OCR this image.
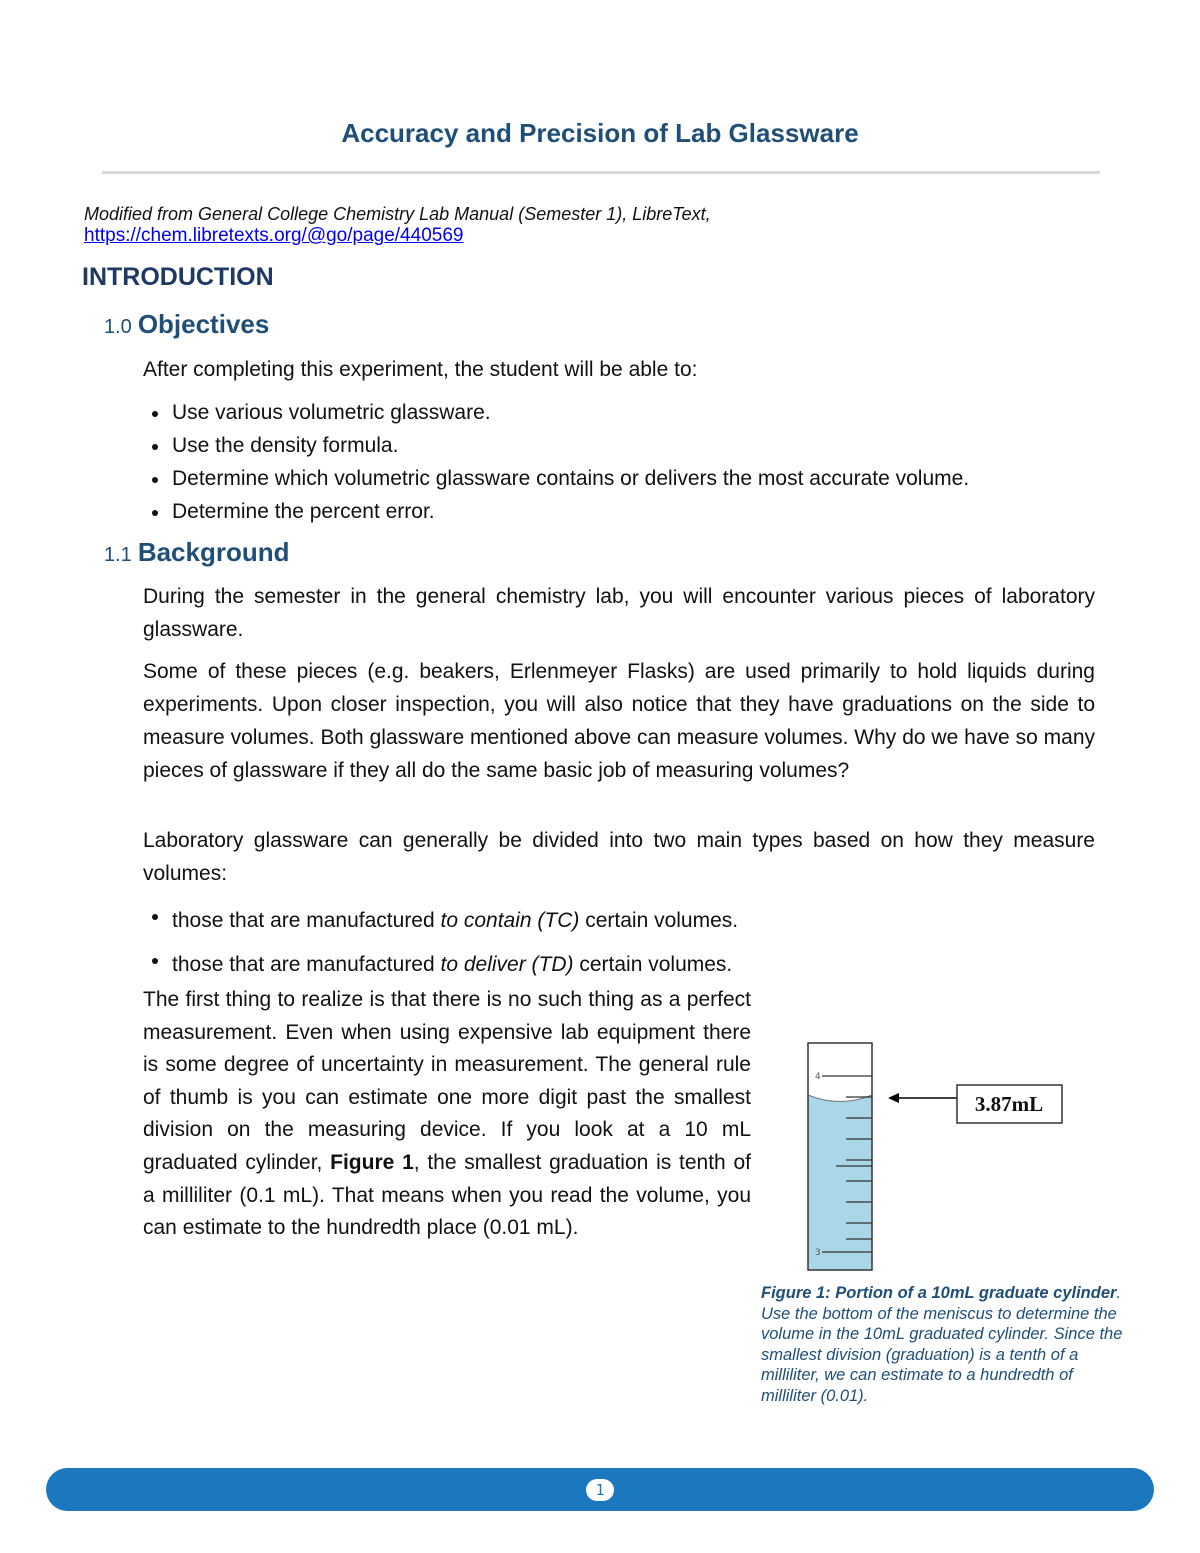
Accuracy and Precision of Lab Glassware
Modified from General College Chemistry Lab Manual (Semester 1), LibreText,
https://chem.libretexts.org/@go/page/440569
INTRODUCTION
1.0 Objectives

After completing this experiment, the student will be able to:

Use various volumetric glassware.
Use the density formula.
Determine which volumetric glassware contains or delivers the most accurate volume.
Determine the percent error.
1.1 Background

During the semester in the general chemistry lab, you will encounter various pieces of laboratory glassware.

Some of these pieces (e.g. beakers, Erlenmeyer Flasks) are used primarily to hold liquids during experiments. Upon closer inspection, you will also notice that they have graduations on the side to measure volumes. Both glassware mentioned above can measure volumes. Why do we have so many pieces of glassware if they all do the same basic job of measuring volumes?

Laboratory glassware can generally be divided into two main types based on how they measure volumes:

those that are manufactured to contain (TC) certain volumes.
those that are manufactured to deliver (TD) certain volumes.

The first thing to realize is that there is no such thing as a perfect measurement. Even when using expensive lab equipment there is some degree of uncertainty in measurement. The general rule of thumb is you can estimate one more digit past the smallest division on the measuring device. If you look at a 10 mL graduated cylinder, Figure 1, the smallest graduation is tenth of a milliliter (0.1 mL). That means when you read the volume, you can estimate to the hundredth place (0.01 mL).

4
3
3.87mL

Figure 1: Portion of a 10mL graduate cylinder. Use the bottom of the meniscus to determine the volume in the 10mL graduated cylinder. Since the smallest division (graduation) is a tenth of a milliliter, we can estimate to a hundredth of milliliter (0.01).

1
